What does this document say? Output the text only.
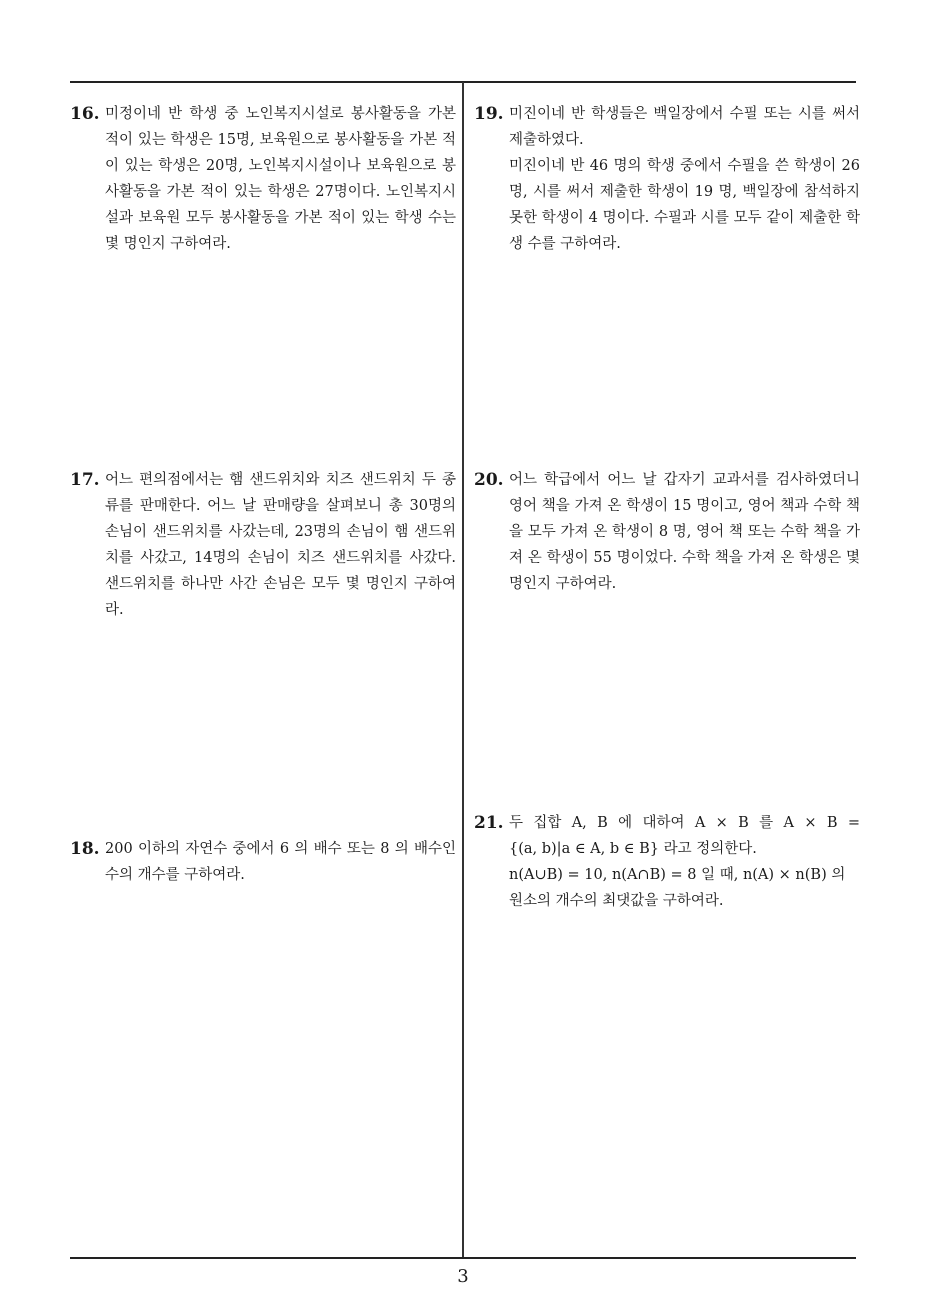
16. 미정이네 반 학생 중 노인복지시설로 봉사활동을 가본 적이 있는 학생은 15명, 보육원으로 봉사활동을 가본 적이 있는 학생은 20명, 노인복지시설이나 보육원으로 봉사활동을 가본 적이 있는 학생은 27명이다. 노인복지시설과 보육원 모두 봉사활동을 가본 적이 있는 학생 수는 몇 명인지 구하여라.

17. 어느 편의점에서는 햄 샌드위치와 치즈 샌드위치 두 종류를 판매한다. 어느 날 판매량을 살펴보니 총 30명의 손님이 샌드위치를 사갔는데, 23명의 손님이 햄 샌드위치를 사갔고, 14명의 손님이 치즈 샌드위치를 사갔다. 샌드위치를 하나만 사간 손님은 모두 몇 명인지 구하여라.

18. 200 이하의 자연수 중에서 6 의 배수 또는 8 의 배수인 수의 개수를 구하여라.

19. 미진이네 반 학생들은 백일장에서 수필 또는 시를 써서 제출하였다.

미진이네 반 46 명의 학생 중에서 수필을 쓴 학생이 26 명, 시를 써서 제출한 학생이 19 명, 백일장에 참석하지 못한 학생이 4 명이다. 수필과 시를 모두 같이 제출한 학생 수를 구하여라.

20. 어느 학급에서 어느 날 갑자기 교과서를 검사하였더니 영어 책을 가져 온 학생이 15 명이고, 영어 책과 수학 책을 모두 가져 온 학생이 8 명, 영어 책 또는 수학 책을 가져 온 학생이 55 명이었다. 수학 책을 가져 온 학생은 몇 명인지 구하여라.

21. 두 집합 A, B 에 대하여 A × B 를 A × B =

{(a, b)|a ∈ A, b ∈ B} 라고 정의한다.

n(A∪B) = 10, n(A∩B) = 8 일 때, n(A) × n(B) 의

원소의 개수의 최댓값을 구하여라.

3
